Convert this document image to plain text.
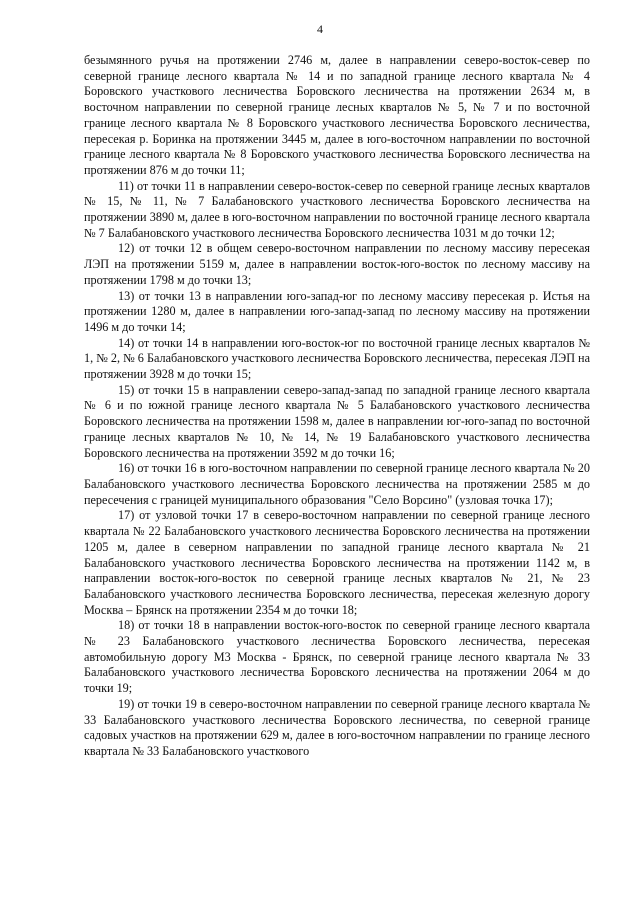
4

безымянного ручья на протяжении 2746 м, далее в направлении северо-восток-север по северной границе лесного квартала № 14 и по западной границе лесного квартала № 4 Боровского участкового лесничества Боровского лесничества на протяжении 2634 м, в восточном направлении по северной границе лесных кварталов № 5, № 7 и по восточной границе лесного квартала № 8 Боровского участкового лесничества Боровского лесничества, пересекая р. Боринка на протяжении 3445 м, далее в юго-восточном направлении по восточной границе лесного квартала № 8 Боровского участкового лесничества Боровского лесничества на протяжении 876 м до точки 11;

11) от точки 11 в направлении северо-восток-север по северной границе лесных кварталов № 15, № 11, № 7 Балабановского участкового лесничества Боровского лесничества на протяжении 3890 м, далее в юго-восточном направлении по восточной границе лесного квартала № 7 Балабановского участкового лесничества Боровского лесничества 1031 м до точки 12;

12) от точки 12 в общем северо-восточном направлении по лесному массиву пересекая ЛЭП на протяжении 5159 м, далее в направлении восток-юго-восток по лесному массиву на протяжении 1798 м до точки 13;

13) от точки 13 в направлении юго-запад-юг по лесному массиву пересекая р. Истья на протяжении 1280 м, далее в направлении юго-запад-запад по лесному массиву на протяжении 1496 м до точки 14;

14) от точки 14 в направлении юго-восток-юг по восточной границе лесных кварталов № 1, № 2, № 6 Балабановского участкового лесничества Боровского лесничества, пересекая ЛЭП на протяжении 3928 м до точки 15;

15) от точки 15 в направлении северо-запад-запад по западной границе лесного квартала № 6 и по южной границе лесного квартала № 5 Балабановского участкового лесничества Боровского лесничества на протяжении 1598 м, далее в направлении юг-юго-запад по восточной границе лесных кварталов № 10, № 14, № 19 Балабановского участкового лесничества Боровского лесничества на протяжении 3592 м до точки 16;

16) от точки 16 в юго-восточном направлении по северной границе лесного квартала № 20 Балабановского участкового лесничества Боровского лесничества на протяжении 2585 м до пересечения с границей муниципального образования "Село Ворсино" (узловая точка 17);

17) от узловой точки 17 в северо-восточном направлении по северной границе лесного квартала № 22 Балабановского участкового лесничества Боровского лесничества на протяжении 1205 м, далее в северном направлении по западной границе лесного квартала № 21 Балабановского участкового лесничества Боровского лесничества на протяжении 1142 м, в направлении восток-юго-восток по северной границе лесных кварталов № 21, № 23 Балабановского участкового лесничества Боровского лесничества, пересекая железную дорогу Москва – Брянск на протяжении 2354 м до точки 18;

18) от точки 18 в направлении восток-юго-восток по северной границе лесного квартала № 23 Балабановского участкового лесничества Боровского лесничества, пересекая автомобильную дорогу М3 Москва - Брянск, по северной границе лесного квартала № 33 Балабановского участкового лесничества Боровского лесничества на протяжении 2064 м до точки 19;

19) от точки 19 в северо-восточном направлении по северной границе лесного квартала № 33 Балабановского участкового лесничества Боровского лесничества, по северной границе садовых участков на протяжении 629 м, далее в юго-восточном направлении по границе лесного квартала № 33 Балабановского участкового
